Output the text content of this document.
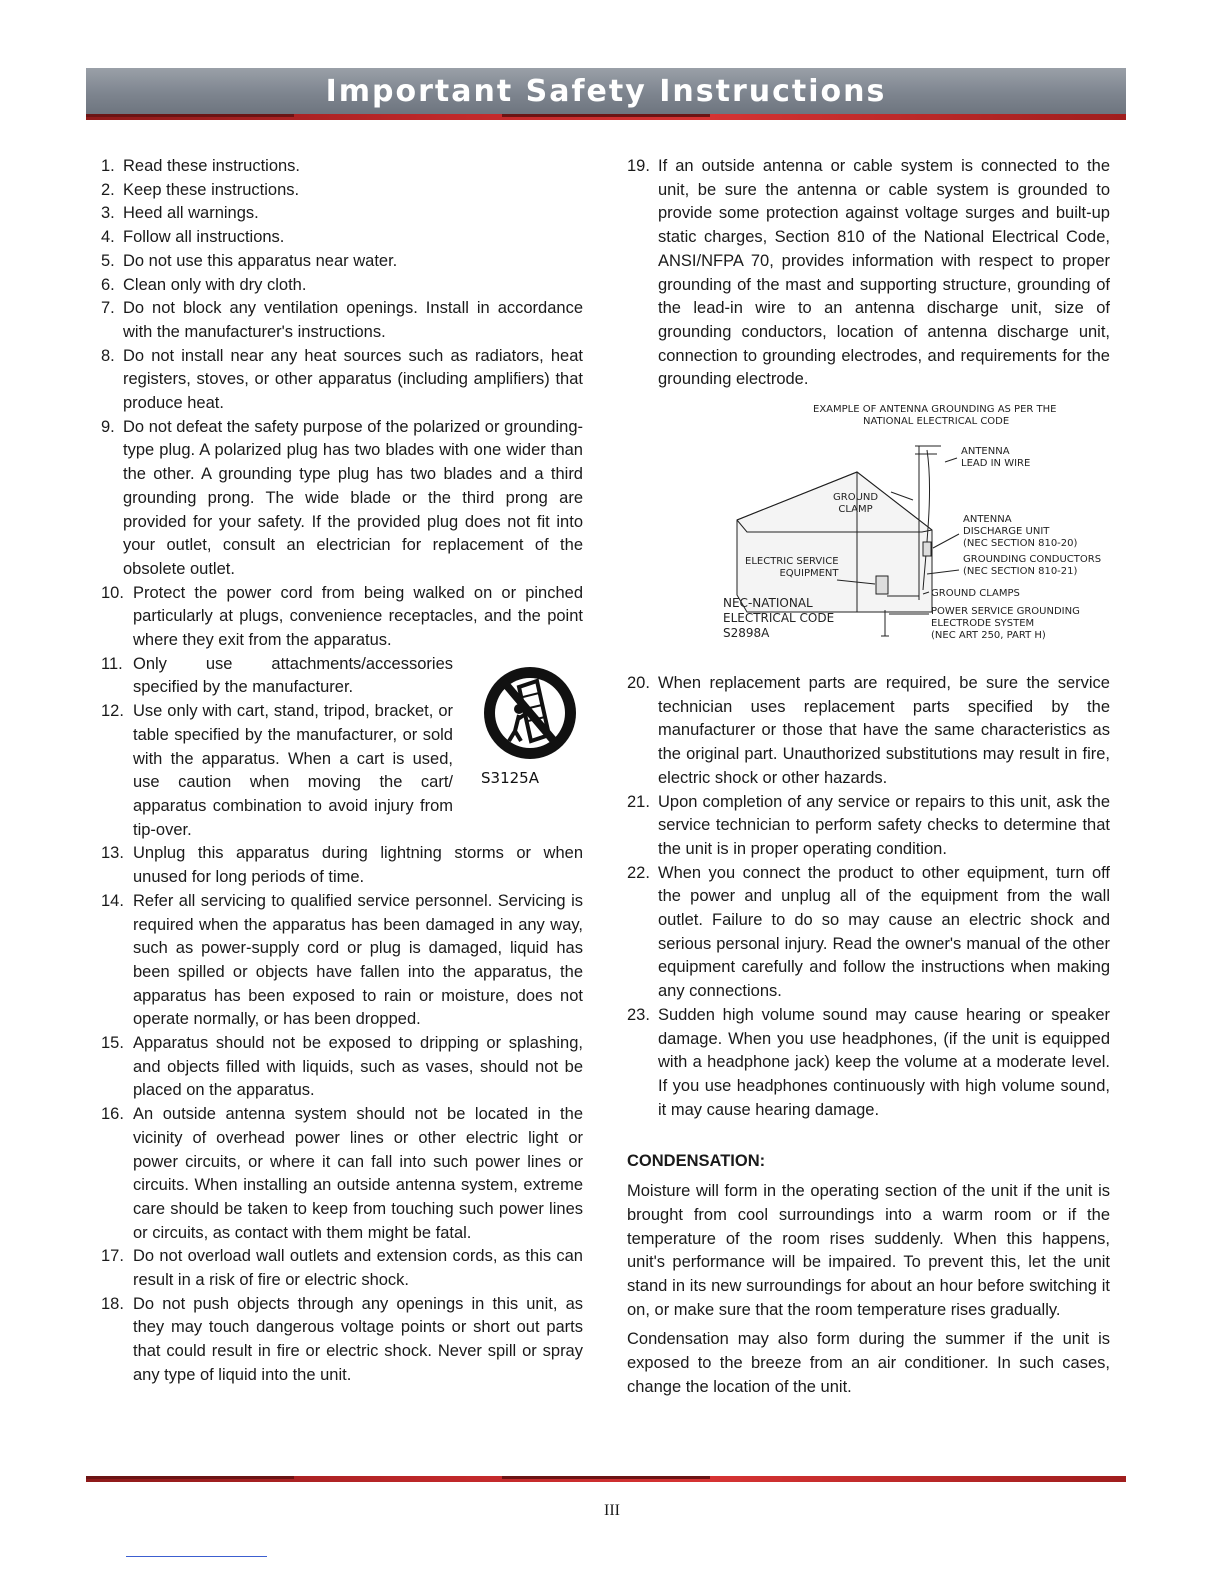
Important Safety Instructions
1. Read these instructions.
2. Keep these instructions.
3. Heed all warnings.
4. Follow all instructions.
5. Do not use this apparatus near water.
6. Clean only with dry cloth.
7. Do not block any ventilation openings. Install in accordance with the manufacturer's instructions.
8. Do not install near any heat sources such as radiators, heat registers, stoves, or other apparatus (including amplifiers) that produce heat.
9. Do not defeat the safety purpose of the polarized or grounding-type plug. A polarized plug has two blades with one wider than the other. A grounding type plug has two blades and a third grounding prong. The wide blade or the third prong are provided for your safety. If the provided plug does not fit into your outlet, consult an electrician for replacement of the obsolete outlet.
10. Protect the power cord from being walked on or pinched particularly at plugs, convenience receptacles, and the point where they exit from the apparatus.
S3125A
11. Only use attachments/accessories specified by the manufacturer.
12. Use only with cart, stand, tripod, bracket, or table specified by the manufacturer, or sold with the apparatus. When a cart is used, use caution when moving the cart/ apparatus combination to avoid injury from tip-over.
13. Unplug this apparatus during lightning storms or when unused for long periods of time.
14. Refer all servicing to qualified service personnel. Servicing is required when the apparatus has been damaged in any way, such as power-supply cord or plug is damaged, liquid has been spilled or objects have fallen into the apparatus, the apparatus has been exposed to rain or moisture, does not operate normally, or has been dropped.
15. Apparatus should not be exposed to dripping or splashing, and objects filled with liquids, such as vases, should not be placed on the apparatus.
16. An outside antenna system should not be located in the vicinity of overhead power lines or other electric light or power circuits, or where it can fall into such power lines or circuits. When installing an outside antenna system, extreme care should be taken to keep from touching such power lines or circuits, as contact with them might be fatal.
17. Do not overload wall outlets and extension cords, as this can result in a risk of fire or electric shock.
18. Do not push objects through any openings in this unit, as they may touch dangerous voltage points or short out parts that could result in fire or electric shock. Never spill or spray any type of liquid into the unit.
19. If an outside antenna or cable system is connected to the unit, be sure the antenna or cable system is grounded to provide some protection against voltage surges and built-up static charges, Section 810 of the National Electrical Code, ANSI/NFPA 70, provides information with respect to proper grounding of the mast and supporting structure, grounding of the lead-in wire to an antenna discharge unit, size of grounding conductors, location of antenna discharge unit, connection to grounding electrodes, and requirements for the grounding electrode.
EXAMPLE OF ANTENNA GROUNDING AS PER THE
NATIONAL ELECTRICAL CODE
ANTENNA
LEAD IN WIRE
GROUND
CLAMP
ANTENNA
DISCHARGE UNIT
(NEC SECTION 810-20)
ELECTRIC SERVICE
EQUIPMENT
GROUNDING CONDUCTORS
(NEC SECTION 810-21)
GROUND CLAMPS
NEC-NATIONAL
ELECTRICAL CODE
S2898A
POWER SERVICE GROUNDING
ELECTRODE SYSTEM
(NEC ART 250, PART H)
20. When replacement parts are required, be sure the service technician uses replacement parts specified by the manufacturer or those that have the same characteristics as the original part. Unauthorized substitutions may result in fire, electric shock or other hazards.
21. Upon completion of any service or repairs to this unit, ask the service technician to perform safety checks to determine that the unit is in proper operating condition.
22. When you connect the product to other equipment, turn off the power and unplug all of the equipment from the wall outlet. Failure to do so may cause an electric shock and serious personal injury. Read the owner's manual of the other equipment carefully and follow the instructions when making any connections.
23. Sudden high volume sound may cause hearing or speaker damage. When you use headphones, (if the unit is equipped with a headphone jack) keep the volume at a moderate level. If you use headphones continuously with high volume sound, it may cause hearing damage.
CONDENSATION:
Moisture will form in the operating section of the unit if the unit is brought from cool surroundings into a warm room or if the temperature of the room rises suddenly. When this happens, unit's performance will be impaired. To prevent this, let the unit stand in its new surroundings for about an hour before switching it on, or make sure that the room temperature rises gradually.
Condensation may also form during the summer if the unit is exposed to the breeze from an air conditioner. In such cases, change the location of the unit.
III
